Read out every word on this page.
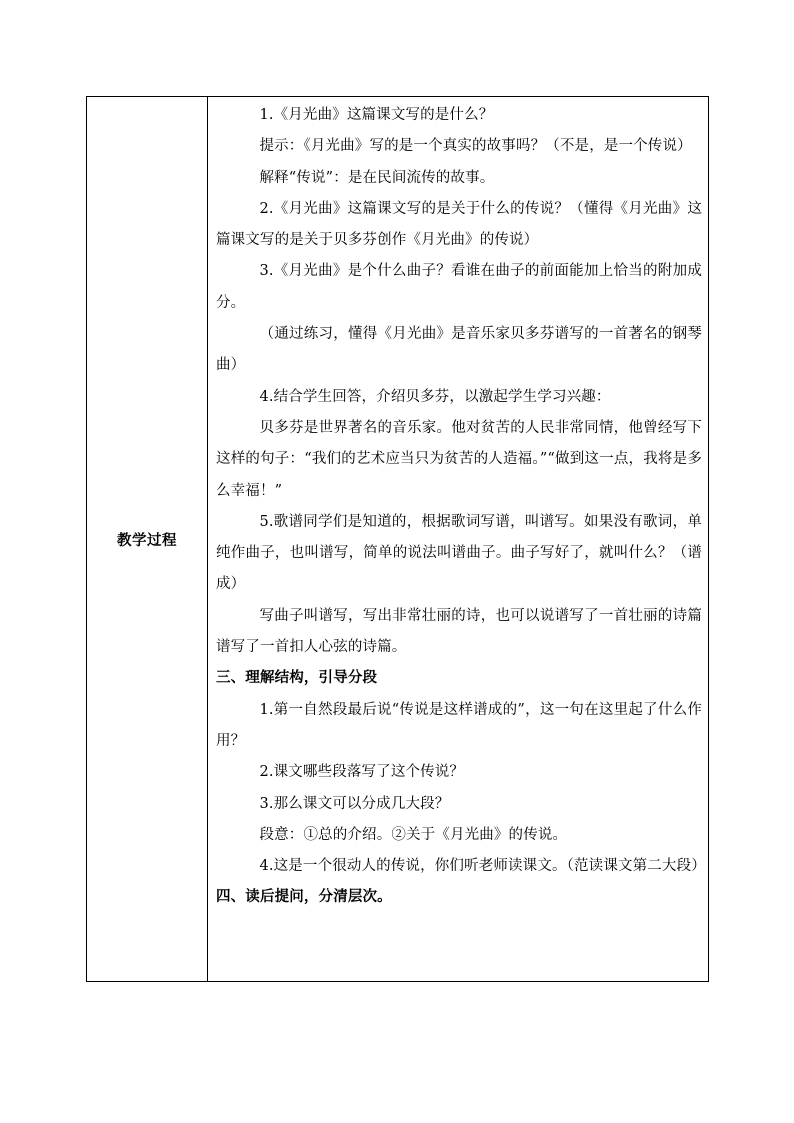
教学过程	

1.《月光曲》这篇课文写的是什么？

提示：《月光曲》写的是一个真实的故事吗？（不是，是一个传说）

解释“传说”：是在民间流传的故事。

2.《月光曲》这篇课文写的是关于什么的传说？（懂得《月光曲》这篇课文写的是关于贝多芬创作《月光曲》的传说）

3.《月光曲》是个什么曲子？看谁在曲子的前面能加上恰当的附加成分。

（通过练习，懂得《月光曲》是音乐家贝多芬谱写的一首著名的钢琴曲）

4.结合学生回答，介绍贝多芬，以激起学生学习兴趣：

贝多芬是世界著名的音乐家。他对贫苦的人民非常同情，他曾经写下这样的句子：“我们的艺术应当只为贫苦的人造福。”“做到这一点，我将是多么幸福！”

5.歌谱同学们是知道的，根据歌词写谱，叫谱写。如果没有歌词，单纯作曲子，也叫谱写，简单的说法叫谱曲子。曲子写好了，就叫什么？（谱成）

写曲子叫谱写，写出非常壮丽的诗，也可以说谱写了一首壮丽的诗篇谱写了一首扣人心弦的诗篇。

三、理解结构，引导分段

1.第一自然段最后说“传说是这样谱成的”，这一句在这里起了什么作用？

2.课文哪些段落写了这个传说？

3.那么课文可以分成几大段？

段意：①总的介绍。②关于《月光曲》的传说。

4.这是一个很动人的传说，你们听老师读课文。（范读课文第二大段）

四、读后提问，分清层次。
